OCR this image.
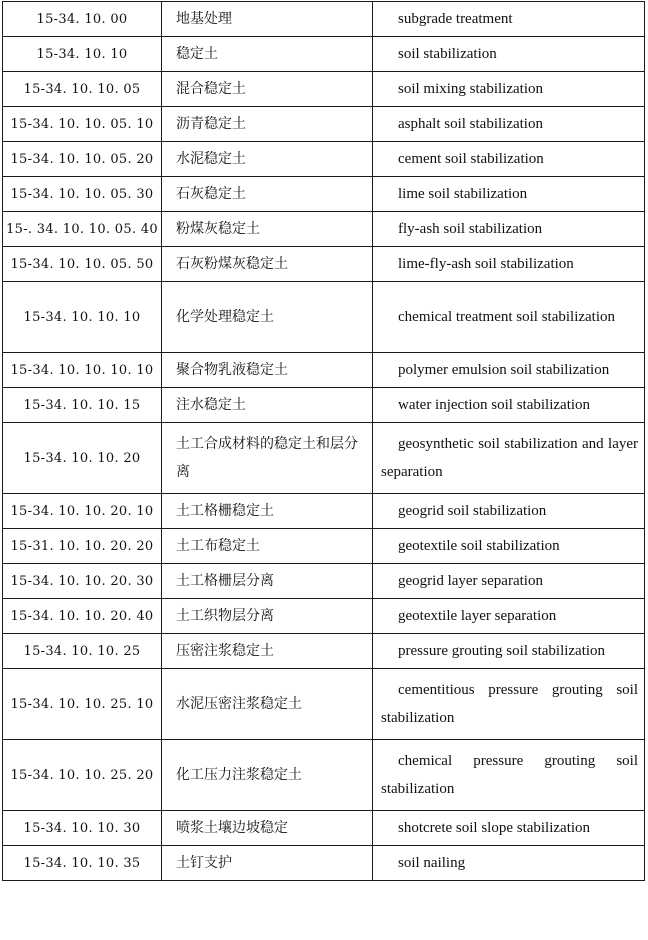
15-34. 10. 00	地基处理	subgrade treatment

15-34. 10. 10	稳定土	soil stabilization

15-34. 10. 10. 05	混合稳定土	soil mixing stabilization

15-34. 10. 10. 05. 10	沥青稳定土	asphalt soil stabilization

15-34. 10. 10. 05. 20	水泥稳定土	cement soil stabilization

15-34. 10. 10. 05. 30	石灰稳定土	lime soil stabilization

15-. 34. 10. 10. 05. 40	粉煤灰稳定土	fly-ash soil stabilization

15-34. 10. 10. 05. 50	石灰粉煤灰稳定土	lime-fly-ash soil stabilization

15-34. 10. 10. 10	化学处理稳定土	chemical treatment soil stabilization

15-34. 10. 10. 10. 10	聚合物乳液稳定土	polymer emulsion soil stabilization

15-34. 10. 10. 15	注水稳定土	water injection soil stabilization

15-34. 10. 10. 20	土工合成材料的稳定土和层分离	geosynthetic soil stabilization and layer separation

15-34. 10. 10. 20. 10	土工格栅稳定土	geogrid soil stabilization

15-31. 10. 10. 20. 20	土工布稳定土	geotextile soil stabilization

15-34. 10. 10. 20. 30	土工格栅层分离	geogrid layer separation

15-34. 10. 10. 20. 40	土工织物层分离	geotextile layer separation

15-34. 10. 10. 25	压密注浆稳定土	pressure grouting soil stabilization

15-34. 10. 10. 25. 10	水泥压密注浆稳定土	cementitious pressure grouting soil stabilization

15-34. 10. 10. 25. 20	化工压力注浆稳定土	chemical pressure grouting soil stabilization

15-34. 10. 10. 30	喷浆土壤边坡稳定	shotcrete soil slope stabilization

15-34. 10. 10. 35	土钉支护	soil nailing
